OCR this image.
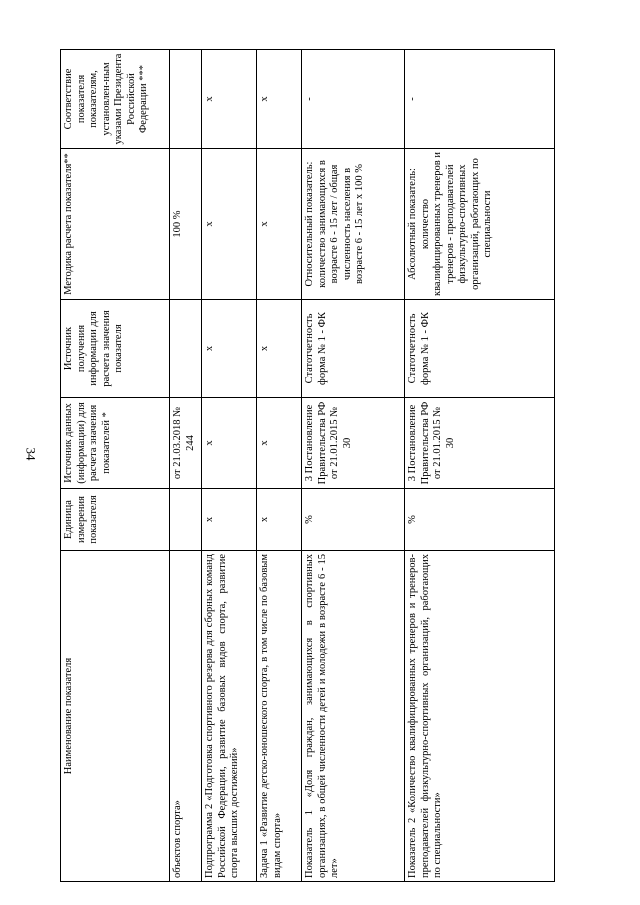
34
Наименование показателя	Единица измерения показателя	Источник данных (информации) для расчета значения показателей *	Источник получения информации для расчета значения показателя	Методика расчета показателя**	Соответствие показателя показателям, установлен-ным указами Президента Российской Федерации ***
объектов спорта»		от 21.03.2018 № 244		100 %	
Подпрограмма 2 «Подготовка спортивного резерва для сборных команд Российской Федерации, развитие базовых видов спорта, развитие спорта высших достижений»	х	х	х	х	х
Задача 1 «Развитие детско-юношеского спорта, в том числе по базовым видам спорта»	х	х	х	х	х
Показатель 1 «Доля граждан, занимающихся в спортивных организациях, в общей численности детей и молодежи в возрасте 6 - 15 лет»	%	3 Постановление Правительства РФ от 21.01.2015 № 30	Статотчетность форма № 1 - ФК	Относительный показатель: количество занимающихся в возрасте 6 - 15 лет / общая численность населения в возрасте 6 - 15 лет х 100 %	-
Показатель 2 «Количество квалифицированных тренеров и тренеров-преподавателей физкультурно-спортивных организаций, работающих по специальности»	%	3 Постановление Правительства РФ от 21.01.2015 № 30	Статотчетность форма № 1 - ФК	Абсолютный показатель: количество квалифицированных тренеров и тренеров - преподавателей физкультурно-спортивных организаций, работающих по специальности	-
